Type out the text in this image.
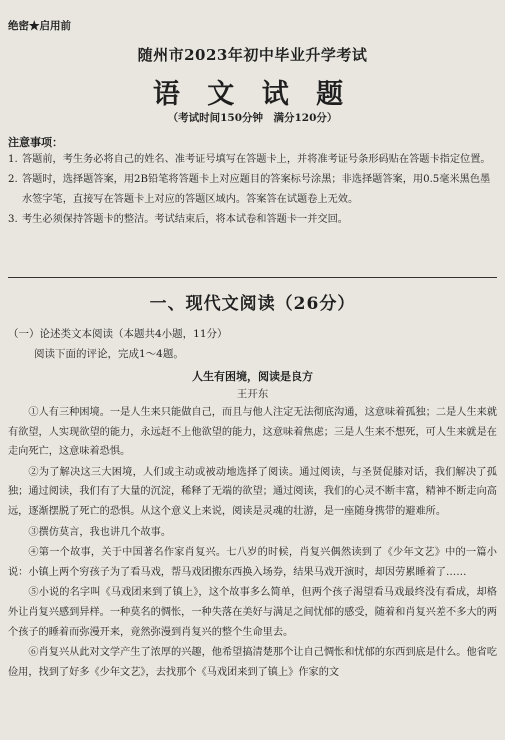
绝密★启用前
随州市2023年初中毕业升学考试
语 文 试 题
（考试时间150分钟　满分120分）
注意事项：
1. 答题前，考生务必将自己的姓名、准考证号填写在答题卡上，并将准考证号条形码贴在答题卡指定位置。
2. 答题时，选择题答案，用2B铅笔将答题卡上对应题目的答案标号涂黑；非选择题答案，用0.5毫米黑色墨水签字笔，直接写在答题卡上对应的答题区域内。答案答在试题卷上无效。
3. 考生必须保持答题卡的整洁。考试结束后，将本试卷和答题卡一并交回。
一、现代文阅读（26分）
（一）论述类文本阅读（本题共4小题，11分）
阅读下面的评论，完成1～4题。
人生有困境，阅读是良方
王开东

①人有三种困境。一是人生来只能做自己，而且与他人注定无法彻底沟通，这意味着孤独；二是人生来就有欲望，人实现欲望的能力，永远赶不上他欲望的能力，这意味着焦虑；三是人生来不想死，可人生来就是在走向死亡，这意味着恐惧。

②为了解决这三大困境，人们或主动或被动地选择了阅读。通过阅读，与圣贤促膝对话，我们解决了孤独；通过阅读，我们有了大量的沉淀，稀释了无端的欲望；通过阅读，我们的心灵不断丰富，精神不断走向高远，逐渐摆脱了死亡的恐惧。从这个意义上来说，阅读是灵魂的壮游，是一座随身携带的避难所。

③撰仿莫言，我也讲几个故事。

④第一个故事，关于中国著名作家肖复兴。七八岁的时候，肖复兴偶然读到了《少年文艺》中的一篇小说：小镇上两个穷孩子为了看马戏，帮马戏团搬东西换入场券，结果马戏开演时，却因劳累睡着了……

⑤小说的名字叫《马戏团来到了镇上》，这个故事多么简单，但两个孩子渴望看马戏最终没有看成，却格外让肖复兴感到异样。一种莫名的惆怅，一种失落在美好与满足之间忧郁的感受，随着和肖复兴差不多大的两个孩子的睡着而弥漫开来，竟然弥漫到肖复兴的整个生命里去。

⑥肖复兴从此对文学产生了浓厚的兴趣，他希望搞清楚那个让自己惆怅和忧郁的东西到底是什么。他省吃俭用，找到了好多《少年文艺》，去找那个《马戏团来到了镇上》作家的文
